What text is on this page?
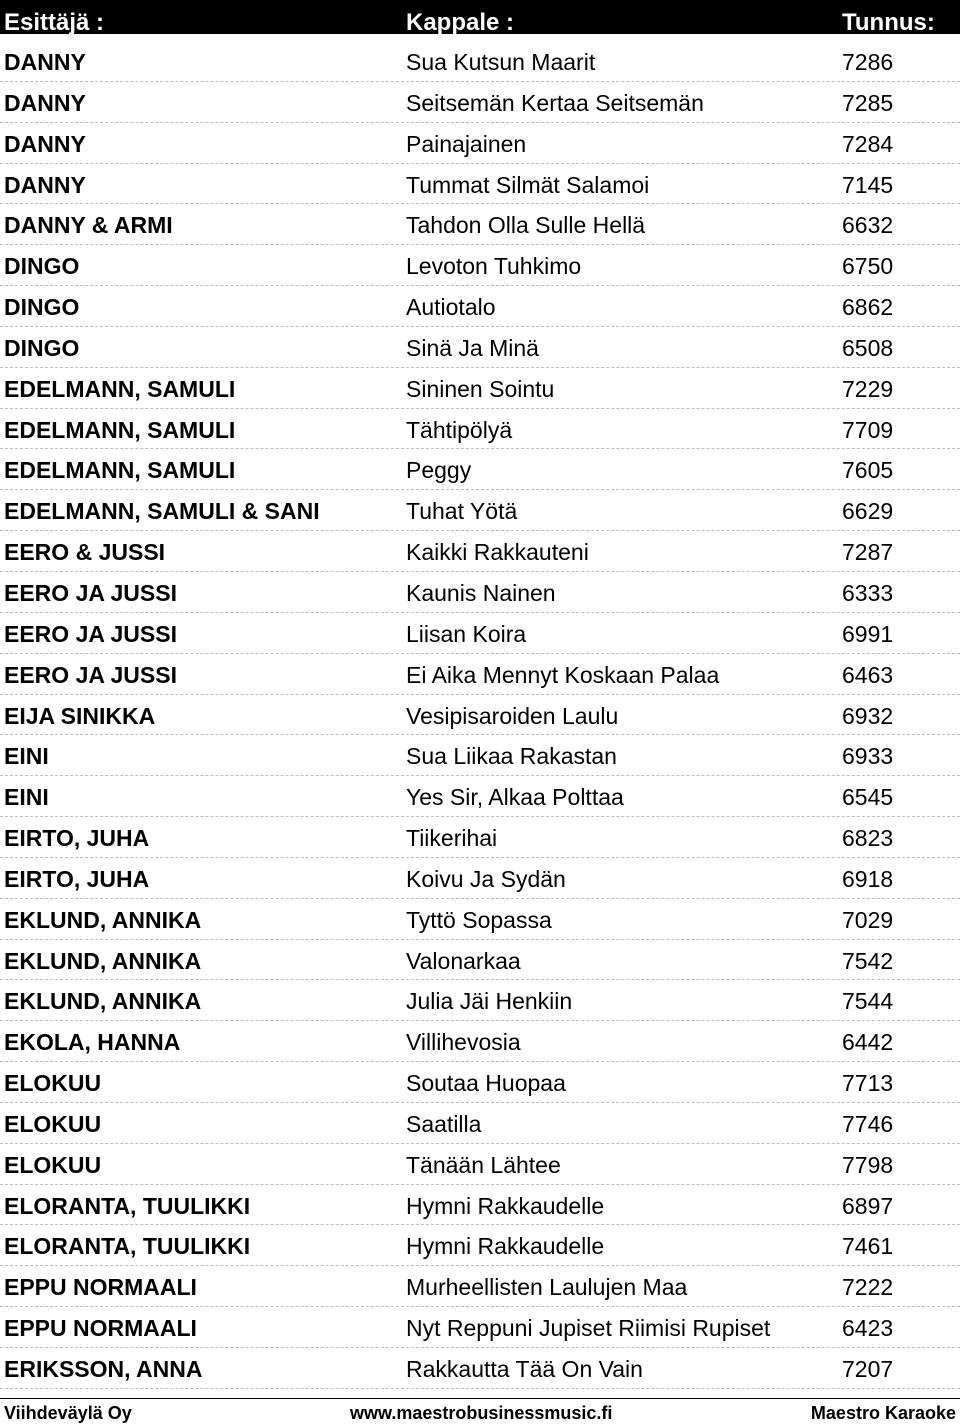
Esittäjä :	Kappale :	Tunnus:
DANNY	Sua Kutsun Maarit	7286
DANNY	Seitsemän Kertaa Seitsemän	7285
DANNY	Painajainen	7284
DANNY	Tummat Silmät Salamoi	7145
DANNY & ARMI	Tahdon Olla Sulle Hellä	6632
DINGO	Levoton Tuhkimo	6750
DINGO	Autiotalo	6862
DINGO	Sinä Ja Minä	6508
EDELMANN, SAMULI	Sininen Sointu	7229
EDELMANN, SAMULI	Tähtipölyä	7709
EDELMANN, SAMULI	Peggy	7605
EDELMANN, SAMULI & SANI	Tuhat Yötä	6629
EERO & JUSSI	Kaikki Rakkauteni	7287
EERO JA JUSSI	Kaunis Nainen	6333
EERO JA JUSSI	Liisan Koira	6991
EERO JA JUSSI	Ei Aika Mennyt Koskaan Palaa	6463
EIJA SINIKKA	Vesipisaroiden Laulu	6932
EINI	Sua Liikaa Rakastan	6933
EINI	Yes Sir, Alkaa Polttaa	6545
EIRTO, JUHA	Tiikerihai	6823
EIRTO, JUHA	Koivu Ja Sydän	6918
EKLUND, ANNIKA	Tyttö Sopassa	7029
EKLUND, ANNIKA	Valonarkaa	7542
EKLUND, ANNIKA	Julia Jäi Henkiin	7544
EKOLA, HANNA	Villihevosia	6442
ELOKUU	Soutaa Huopaa	7713
ELOKUU	Saatilla	7746
ELOKUU	Tänään Lähtee	7798
ELORANTA, TUULIKKI	Hymni Rakkaudelle	6897
ELORANTA, TUULIKKI	Hymni Rakkaudelle	7461
EPPU NORMAALI	Murheellisten Laulujen Maa	7222
EPPU NORMAALI	Nyt Reppuni Jupiset Riimisi Rupiset	6423
ERIKSSON, ANNA	Rakkautta Tää On Vain	7207
Viihdeväylä Oy	www.maestrobusinessmusic.fi	Maestro Karaoke
